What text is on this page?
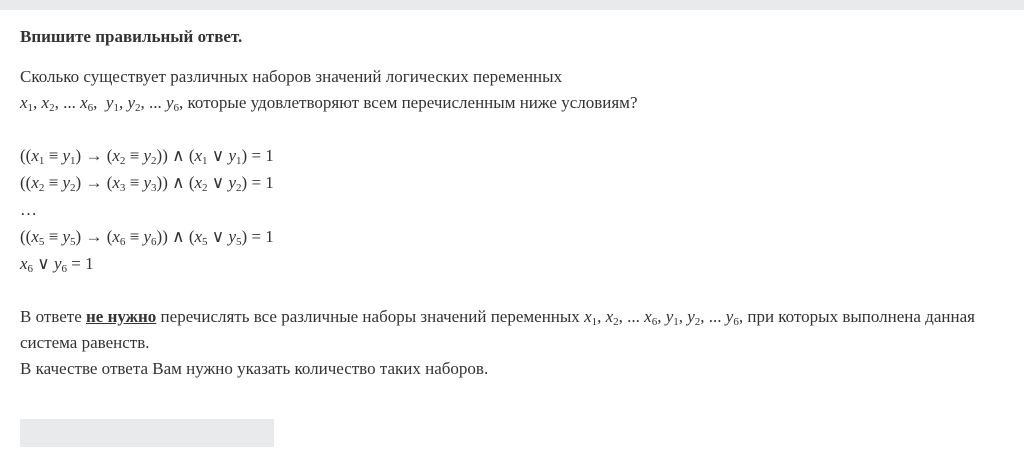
Впишите правильный ответ.

Сколько существует различных наборов значений логических переменных
$x_1$, $x_2$, ... $x_6$,  $y_1$, $y_2$, ... $y_6$, которые удовлетворяют всем перечисленным ниже условиям?
$((x_1 \equiv y_1) \to (x_2 \equiv y_2))$ ∧ ($x_1$ ∨ $y_1) = 1$
$((x_2 \equiv y_2) \to (x_3 \equiv y_3))$ ∧ ($x_2$ ∨ $y_2) = 1$
…
$((x_5 \equiv y_5) \to (x_6 \equiv y_6))$ ∧ ($x_5$ ∨ $y_5) = 1$
$x_6$ ∨ $y_6 = 1$
В ответе не нужно перечислять все различные наборы значений переменных $x_1$, $x_2$, ... $x_6$, $y_1$, $y_2$, ... $y_6$, при которых выполнена данная система равенств.
В качестве ответа Вам нужно указать количество таких наборов.
